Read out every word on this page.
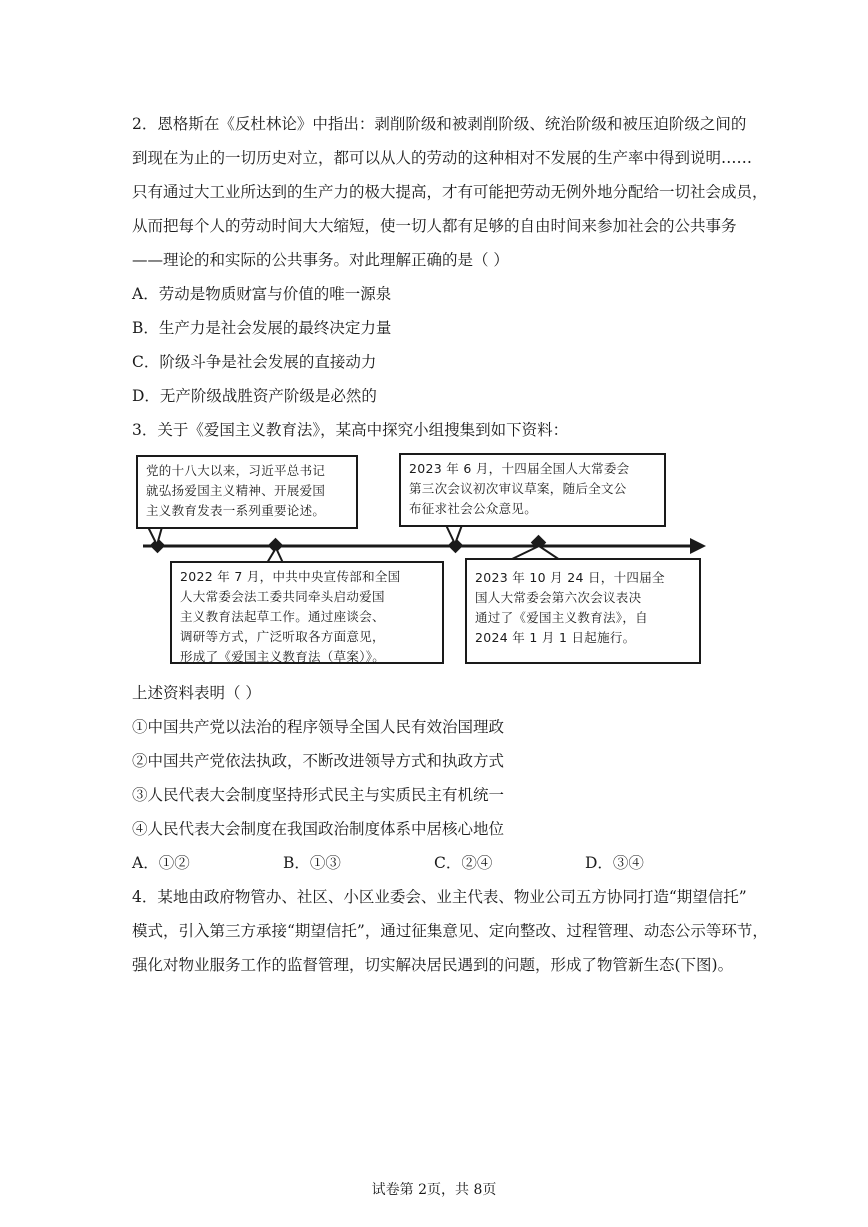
2．恩格斯在《反杜林论》中指出：剥削阶级和被剥削阶级、统治阶级和被压迫阶级之间的
到现在为止的一切历史对立，都可以从人的劳动的这种相对不发展的生产率中得到说明……
只有通过大工业所达到的生产力的极大提高，才有可能把劳动无例外地分配给一切社会成员，
从而把每个人的劳动时间大大缩短，使一切人都有足够的自由时间来参加社会的公共事务
——理论的和实际的公共事务。对此理解正确的是（ ）
A．劳动是物质财富与价值的唯一源泉
B．生产力是社会发展的最终决定力量
C．阶级斗争是社会发展的直接动力
D．无产阶级战胜资产阶级是必然的
3．关于《爱国主义教育法》，某高中探究小组搜集到如下资料：
党的十八大以来，习近平总书记
就弘扬爱国主义精神、开展爱国
主义教育发表一系列重要论述。
2022 年 7 月，中共中央宣传部和全国
人大常委会法工委共同牵头启动爱国
主义教育法起草工作。通过座谈会、
调研等方式，广泛听取各方面意见，
形成了《爱国主义教育法（草案）》。
2023 年 6 月，十四届全国人大常委会
第三次会议初次审议草案，随后全文公
布征求社会公众意见。
2023 年 10 月 24 日，十四届全
国人大常委会第六次会议表决
通过了《爱国主义教育法》，自
2024 年 1 月 1 日起施行。
上述资料表明（ ）
①中国共产党以法治的程序领导全国人民有效治国理政
②中国共产党依法执政，不断改进领导方式和执政方式
③人民代表大会制度坚持形式民主与实质民主有机统一
④人民代表大会制度在我国政治制度体系中居核心地位
A．①②	B．①③	C．②④	D．③④
4．某地由政府物管办、社区、小区业委会、业主代表、物业公司五方协同打造“期望信托”
模式，引入第三方承接“期望信托”，通过征集意见、定向整改、过程管理、动态公示等环节，
强化对物业服务工作的监督管理，切实解决居民遇到的问题，形成了物管新生态(下图)。
试卷第 2页，共 8页
